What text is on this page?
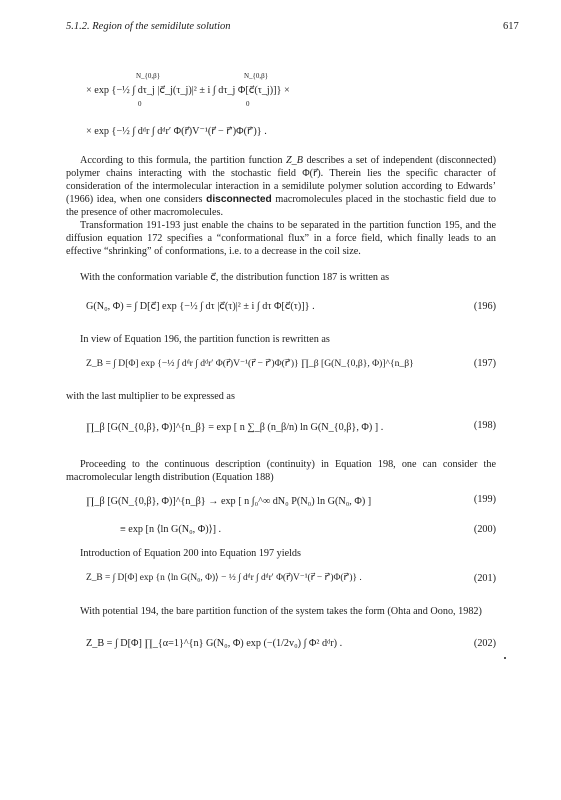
5.1.2. Region of the semidilute solution	617
N_{0,β}	N_{0,β}
0	0
× exp {−½ ∫ dτ_j |c⃗_j(τ_j)|² ± i ∫ dτ_j Φ[c⃗(τ_j)]} ×
× exp {−½ ∫ dᵈr ∫ dᵈr′ Φ(r⃗)V⁻¹(r⃗ − r⃗′)Φ(r⃗′)} .
According to this formula, the partition function Z_B describes a set of independent (disconnected) polymer chains interacting with the stochastic field Φ(r⃗). Therein lies the specific character of consideration of the intermolecular interaction in a semidilute polymer solution according to Edwards’ (1966) idea, when one considers disconnected macromolecules placed in the stochastic field due to the presence of other macromolecules.
Transformation 191-193 just enable the chains to be separated in the partition function 195, and the diffusion equation 172 specifies a “conformational flux” in a force field, which finally leads to an effective “shrinking” of conformations, i.e. to a decrease in the coil size.
With the conformation variable c⃗, the distribution function 187 is written as
G(N₀, Φ) = ∫ D[c⃗] exp {−½ ∫ dτ |c⃗(τ)|² ± i ∫ dτ Φ[c⃗(τ)]} .	(196)
In view of Equation 196, the partition function is rewritten as
Z_B = ∫ D[Φ] exp {−½ ∫ dᵈr ∫ dᵈr′ Φ(r⃗)V⁻¹(r⃗ − r⃗′)Φ(r⃗′)} ∏_β [G(N_{0,β}, Φ)]^{n_β}	(197)
with the last multiplier to be expressed as
∏_β [G(N_{0,β}, Φ)]^{n_β} = exp [ n ∑_β (n_β/n) ln G(N_{0,β}, Φ) ] .	(198)
Proceeding to the continuous description (continuity) in Equation 198, one can consider the macromolecular length distribution (Equation 188)
∏_β [G(N_{0,β}, Φ)]^{n_β} → exp [ n ∫₀^∞ dN₀ P(N₀) ln G(N₀, Φ) ]	(199)
≡ exp [n ⟨ln G(N₀, Φ)⟩] .	(200)
Introduction of Equation 200 into Equation 197 yields
Z_B = ∫ D[Φ] exp {n ⟨ln G(N₀, Φ)⟩ − ½ ∫ dᵈr ∫ dᵈr′ Φ(r⃗)V⁻¹(r⃗ − r⃗′)Φ(r⃗′)} .	(201)
With potential 194, the bare partition function of the system takes the form (Ohta and Oono, 1982)
Z_B = ∫ D[Φ] ∏_{α=1}^{n} G(N₀, Φ) exp (−(1/2v₀) ∫ Φ² dᵈr) .	(202)
